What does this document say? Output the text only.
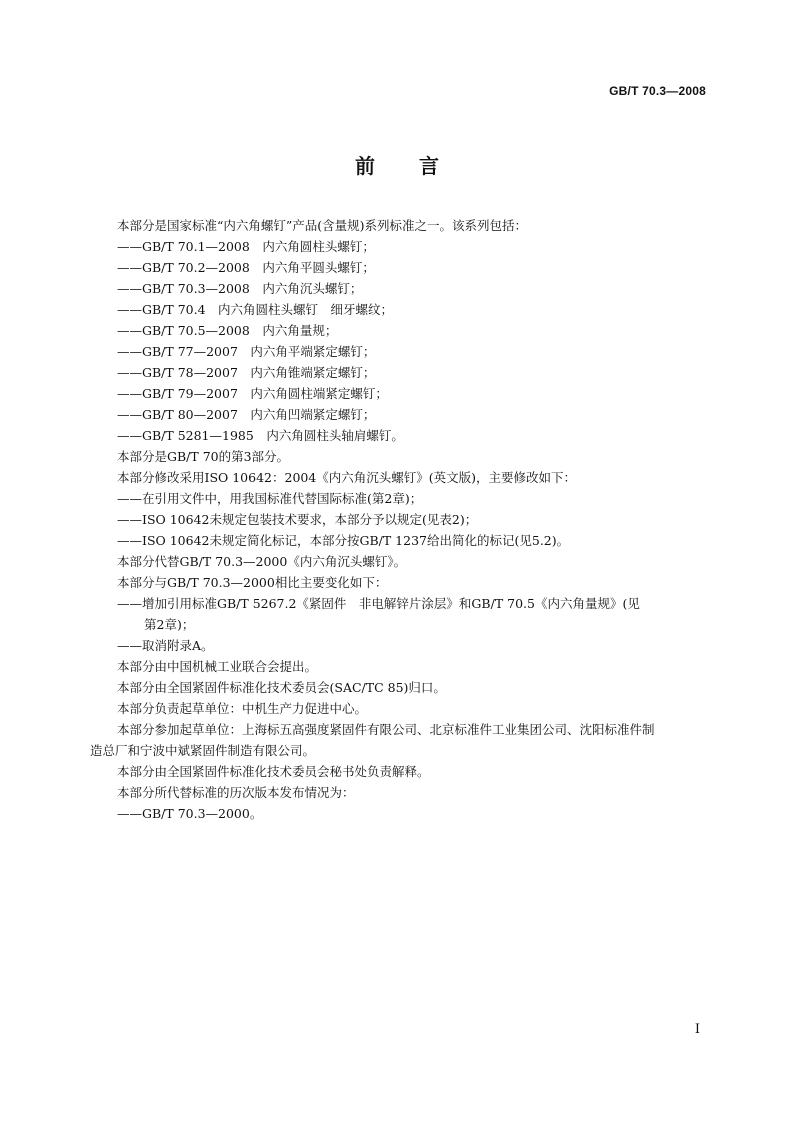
GB/T 70.3—2008
前言
本部分是国家标准“内六角螺钉”产品(含量规)系列标准之一。该系列包括：
——GB/T 70.1—2008　内六角圆柱头螺钉；
——GB/T 70.2—2008　内六角平圆头螺钉；
——GB/T 70.3—2008　内六角沉头螺钉；
——GB/T 70.4　内六角圆柱头螺钉　细牙螺纹；
——GB/T 70.5—2008　内六角量规；
——GB/T 77—2007　内六角平端紧定螺钉；
——GB/T 78—2007　内六角锥端紧定螺钉；
——GB/T 79—2007　内六角圆柱端紧定螺钉；
——GB/T 80—2007　内六角凹端紧定螺钉；
——GB/T 5281—1985　内六角圆柱头轴肩螺钉。
本部分是GB/T 70的第3部分。
本部分修改采用ISO 10642：2004《内六角沉头螺钉》(英文版)，主要修改如下：
——在引用文件中，用我国标准代替国际标准(第2章)；
——ISO 10642未规定包装技术要求，本部分予以规定(见表2)；
——ISO 10642未规定简化标记，本部分按GB/T 1237给出简化的标记(见5.2)。
本部分代替GB/T 70.3—2000《内六角沉头螺钉》。
本部分与GB/T 70.3—2000相比主要变化如下：
——增加引用标准GB/T 5267.2《紧固件　非电解锌片涂层》和GB/T 70.5《内六角量规》(见
第2章)；
——取消附录A。
本部分由中国机械工业联合会提出。
本部分由全国紧固件标准化技术委员会(SAC/TC 85)归口。
本部分负责起草单位：中机生产力促进中心。
本部分参加起草单位：上海标五高强度紧固件有限公司、北京标准件工业集团公司、沈阳标准件制
造总厂和宁波中斌紧固件制造有限公司。
本部分由全国紧固件标准化技术委员会秘书处负责解释。
本部分所代替标准的历次版本发布情况为：
——GB/T 70.3—2000。
I
